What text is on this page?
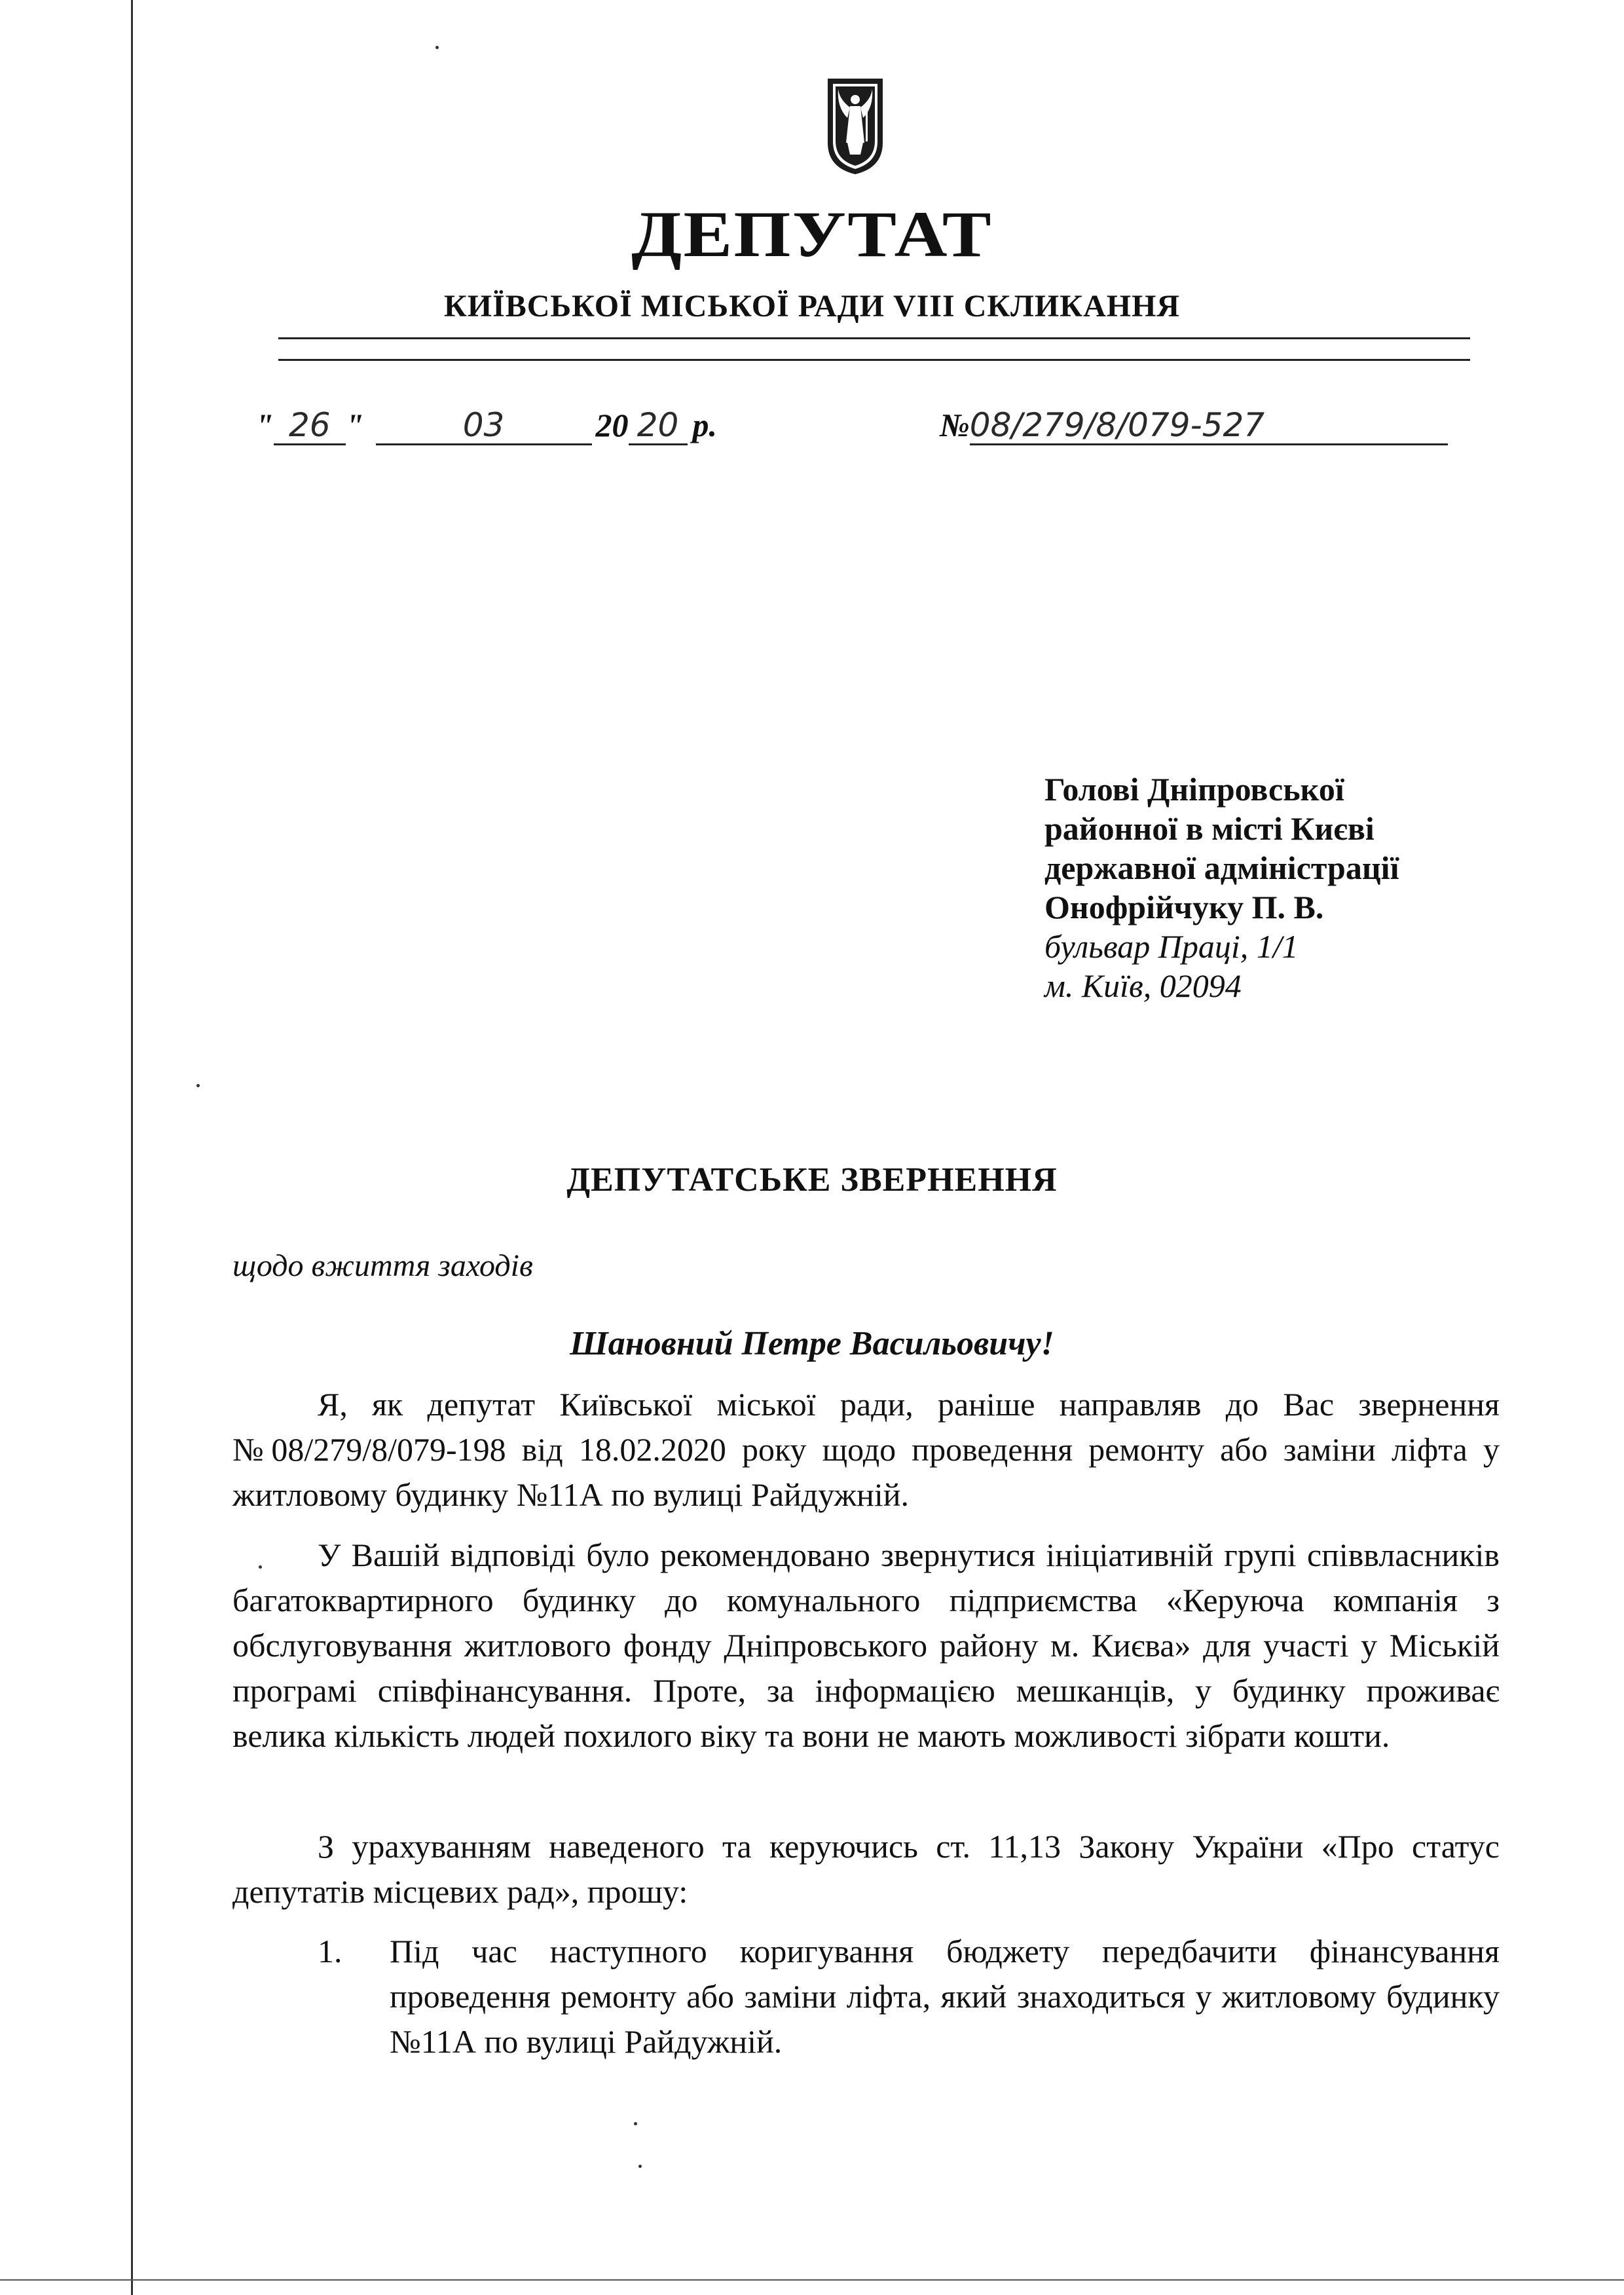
ДЕПУТАТ
КИЇВСЬКОЇ МІСЬКОЇ РАДИ VIII СКЛИКАННЯ
" 26 "	03	20 20 р.	№ 08/279/8/079-527
Голові Дніпровської
районної в місті Києві
державної адміністрації
Онофрійчуку П. В.
бульвар Праці, 1/1
м. Київ, 02094
ДЕПУТАТСЬКЕ ЗВЕРНЕННЯ
щодо вжиття заходів
Шановний Петре Васильовичу!

Я, як депутат Київської міської ради, раніше направляв до Вас звернення №08/279/8/079-198 від 18.02.2020 року щодо проведення ремонту або заміни ліфта у житловому будинку №11А по вулиці Райдужній.

У Вашій відповіді було рекомендовано звернутися ініціативній групі співвласників багатоквартирного будинку до комунального підприємства «Керуюча компанія з обслуговування житлового фонду Дніпровського району м. Києва» для участі у Міській програмі співфінансування. Проте, за інформацією мешканців, у будинку проживає велика кількість людей похилого віку та вони не мають можливості зібрати кошти.

З урахуванням наведеного та керуючись ст. 11,13 Закону України «Про статус депутатів місцевих рад», прошу:

1. Під час наступного коригування бюджету передбачити фінансування проведення ремонту або заміни ліфта, який знаходиться у житловому будинку №11А по вулиці Райдужній.
